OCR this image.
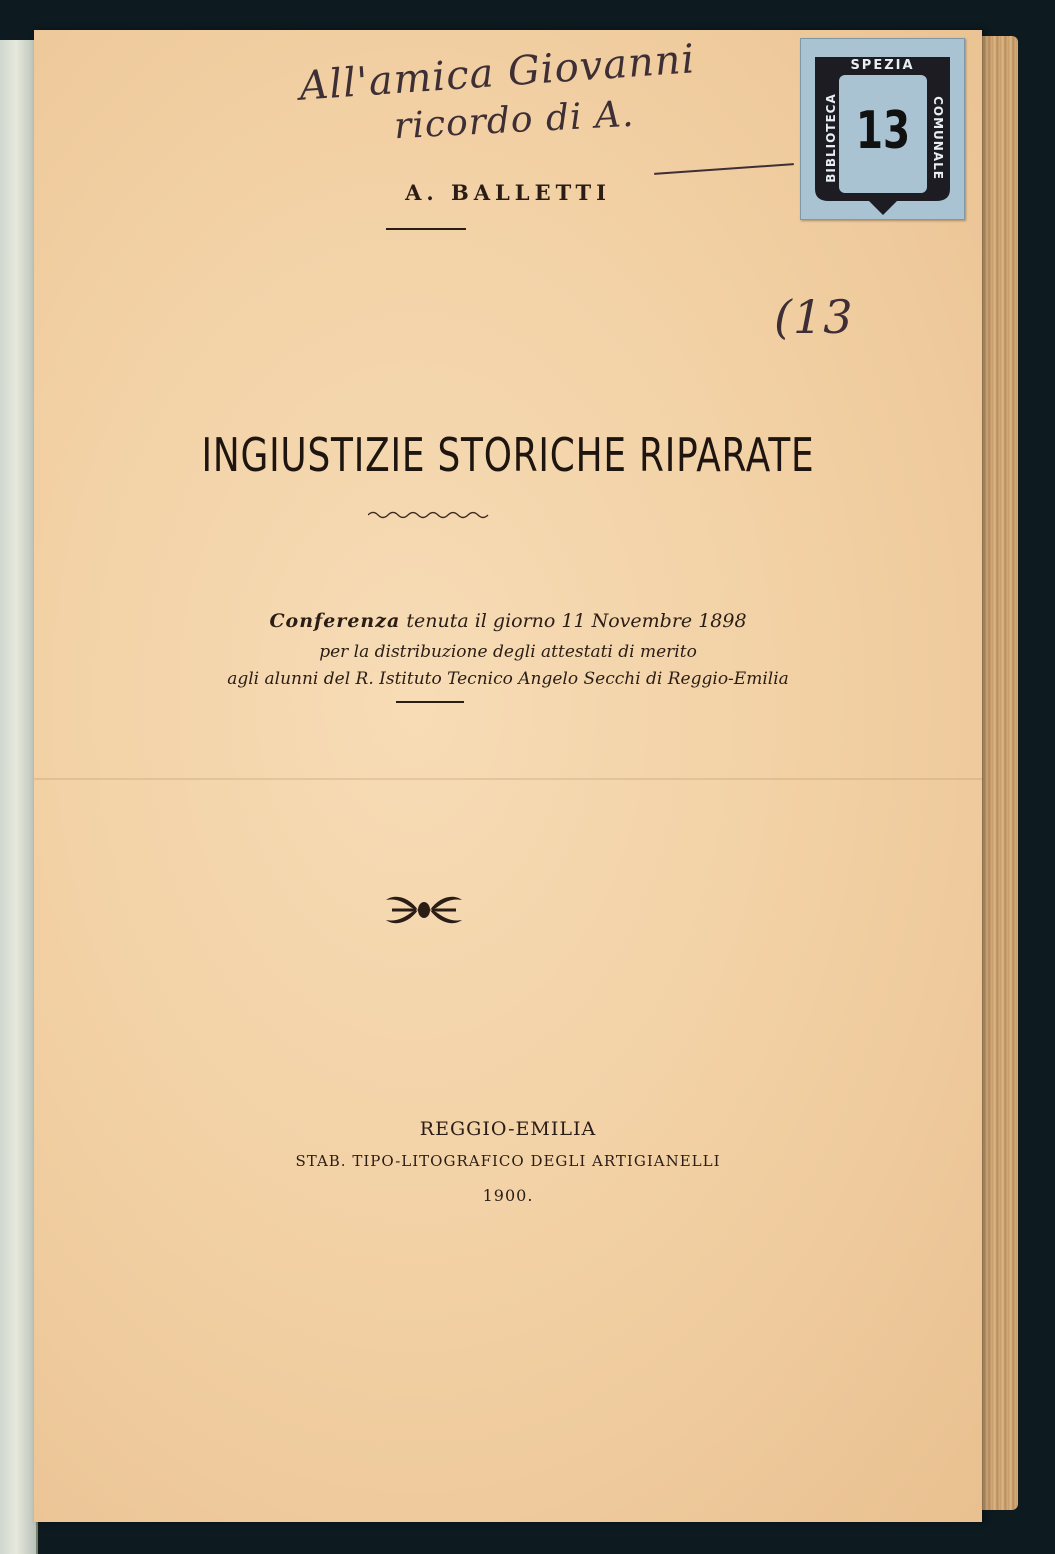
All'amica Giovanni
ricordo di A.
(13
A. BALLETTI
INGIUSTIZIE STORICHE RIPARATE
Conferenza tenuta il giorno 11 Novembre 1898
per la distribuzione degli attestati di merito
agli alunni del R. Istituto Tecnico Angelo Secchi di Reggio-Emilia
REGGIO-EMILIA
STAB. TIPO-LITOGRAFICO DEGLI ARTIGIANELLI
1900.
SPEZIA
BIBLIOTECA	COMUNALE
13
